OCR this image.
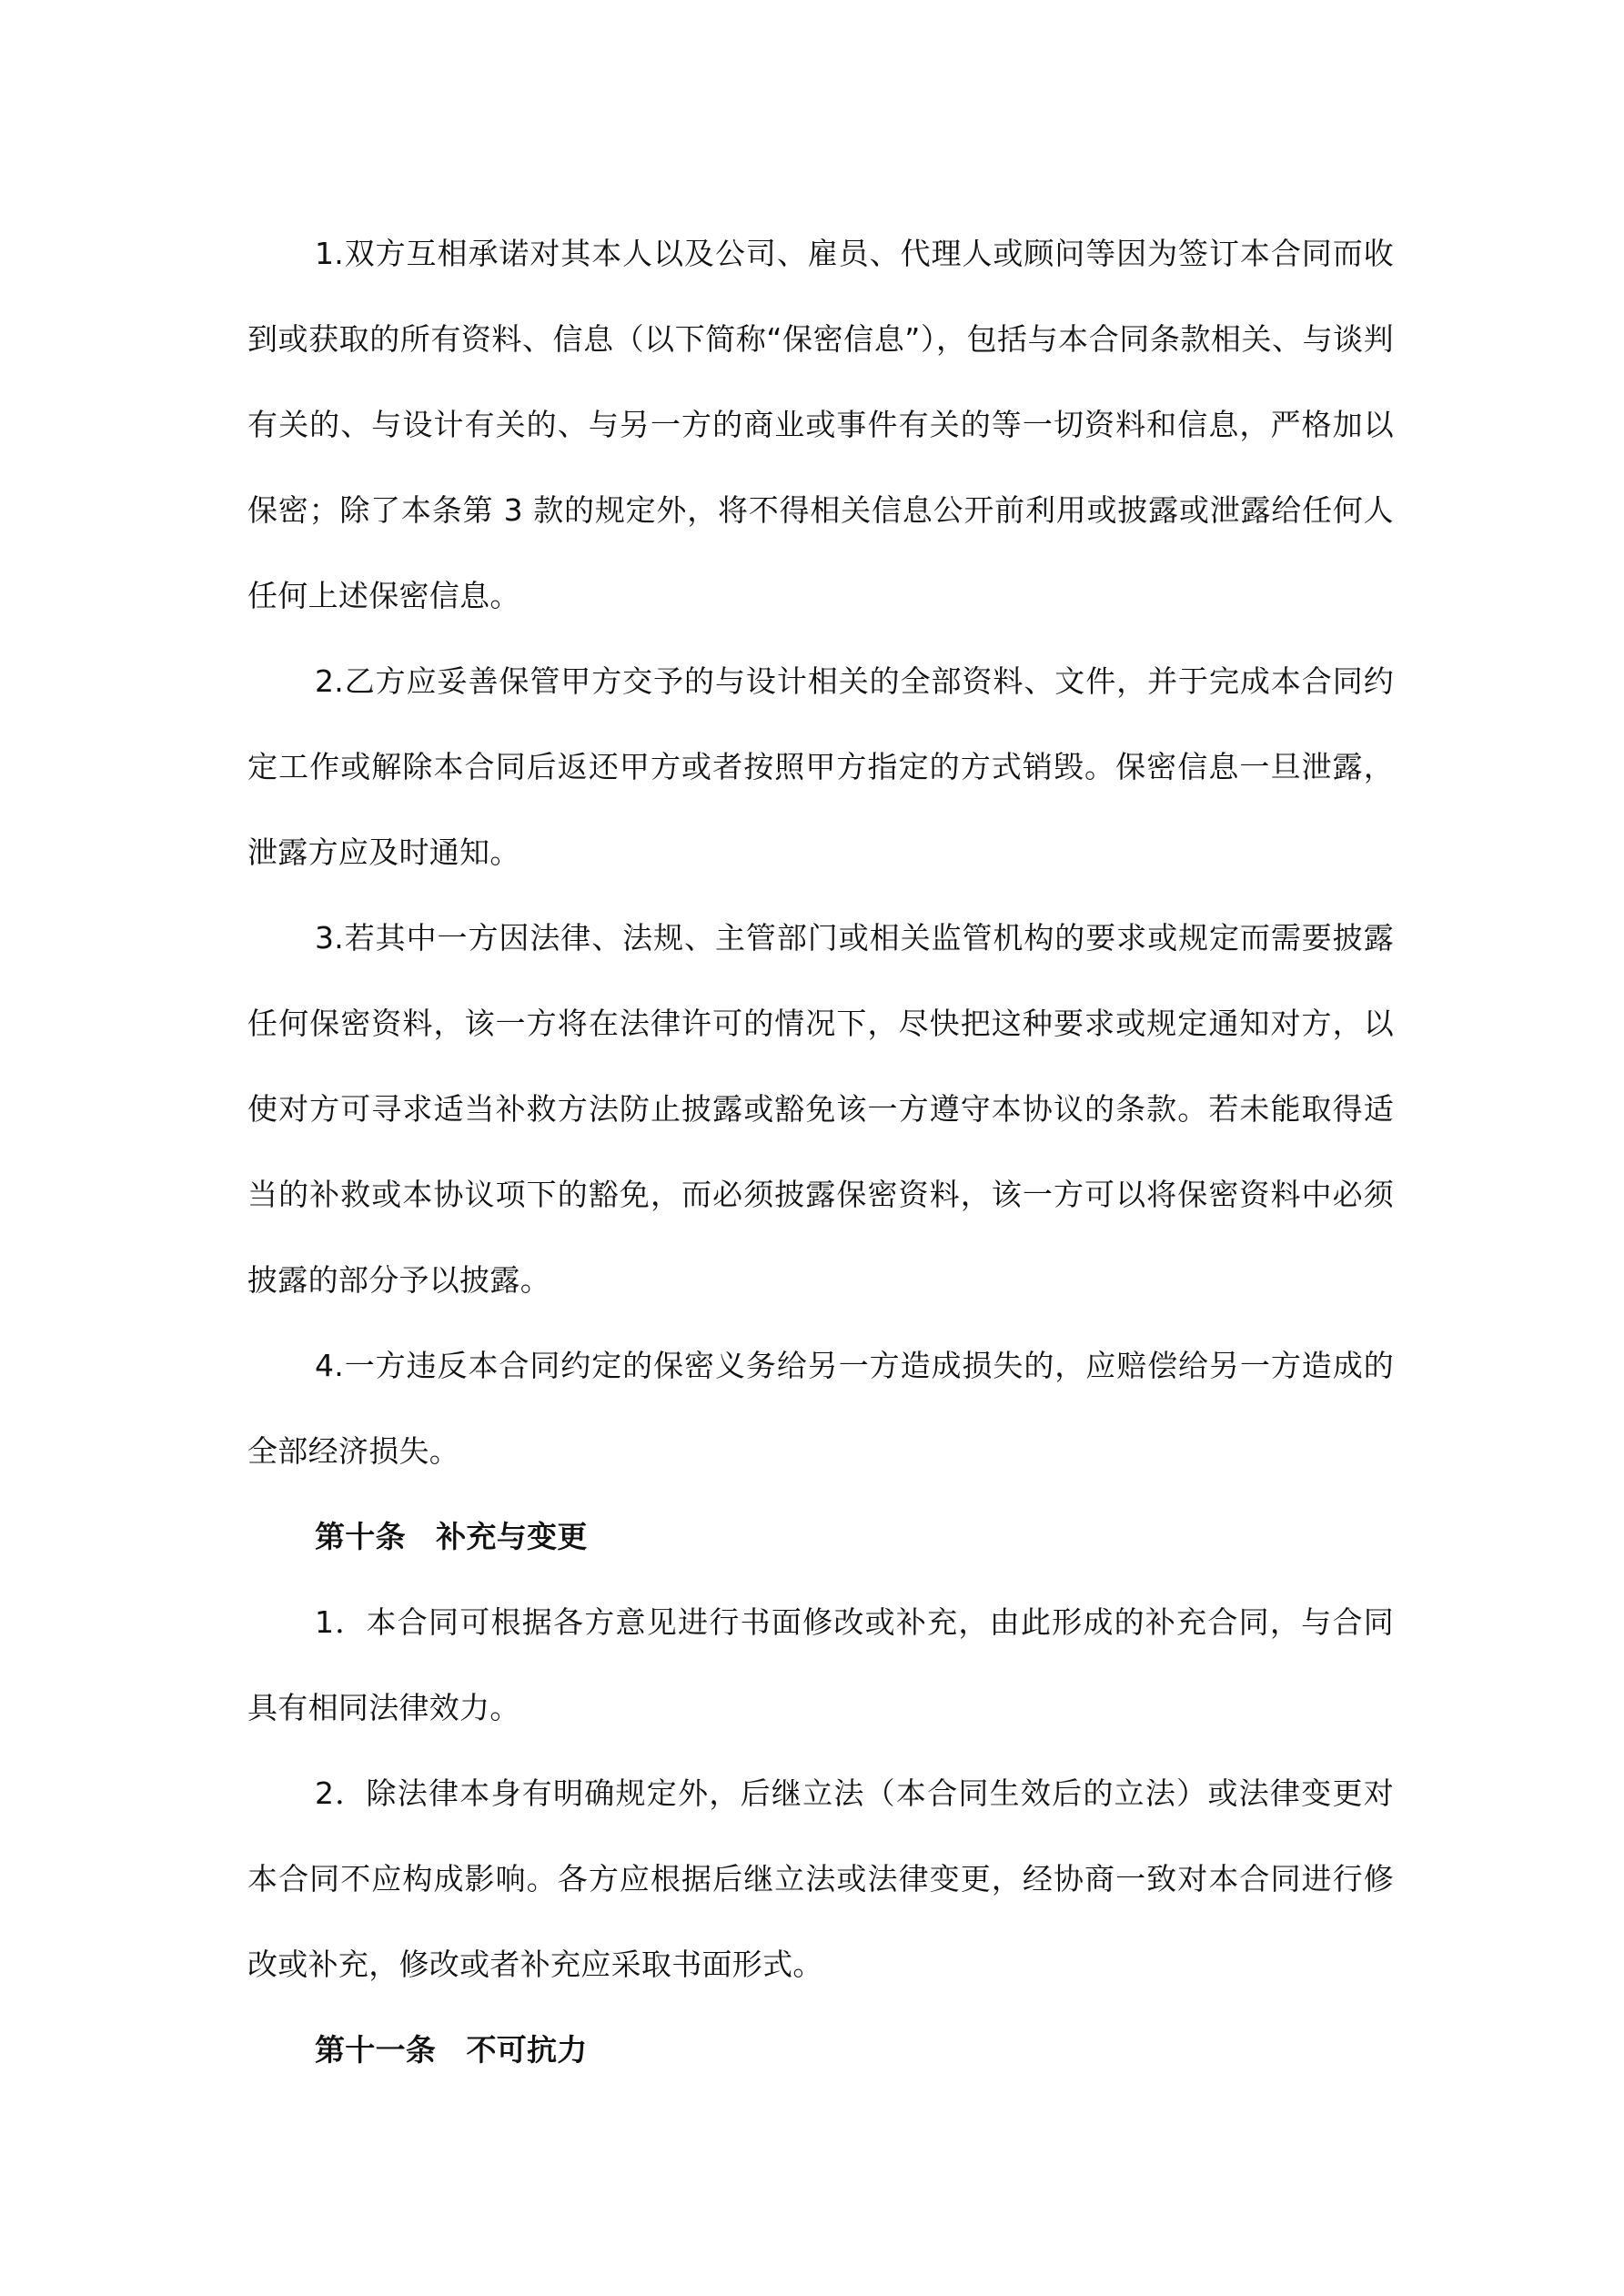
1.双方互相承诺对其本人以及公司、雇员、代理人或顾问等因为签订本合同而收到或获取的所有资料、信息（以下简称“保密信息”），包括与本合同条款相关、与谈判有关的、与设计有关的、与另一方的商业或事件有关的等一切资料和信息，严格加以保密；除了本条第 3 款的规定外，将不得相关信息公开前利用或披露或泄露给任何人任何上述保密信息。

2.乙方应妥善保管甲方交予的与设计相关的全部资料、文件，并于完成本合同约定工作或解除本合同后返还甲方或者按照甲方指定的方式销毁。保密信息一旦泄露，泄露方应及时通知。

3.若其中一方因法律、法规、主管部门或相关监管机构的要求或规定而需要披露任何保密资料，该一方将在法律许可的情况下，尽快把这种要求或规定通知对方，以使对方可寻求适当补救方法防止披露或豁免该一方遵守本协议的条款。若未能取得适当的补救或本协议项下的豁免，而必须披露保密资料，该一方可以将保密资料中必须披露的部分予以披露。

4.一方违反本合同约定的保密义务给另一方造成损失的，应赔偿给另一方造成的全部经济损失。

第十条　补充与变更

1．本合同可根据各方意见进行书面修改或补充，由此形成的补充合同，与合同具有相同法律效力。

2．除法律本身有明确规定外，后继立法（本合同生效后的立法）或法律变更对本合同不应构成影响。各方应根据后继立法或法律变更，经协商一致对本合同进行修改或补充，修改或者补充应采取书面形式。

第十一条　不可抗力
